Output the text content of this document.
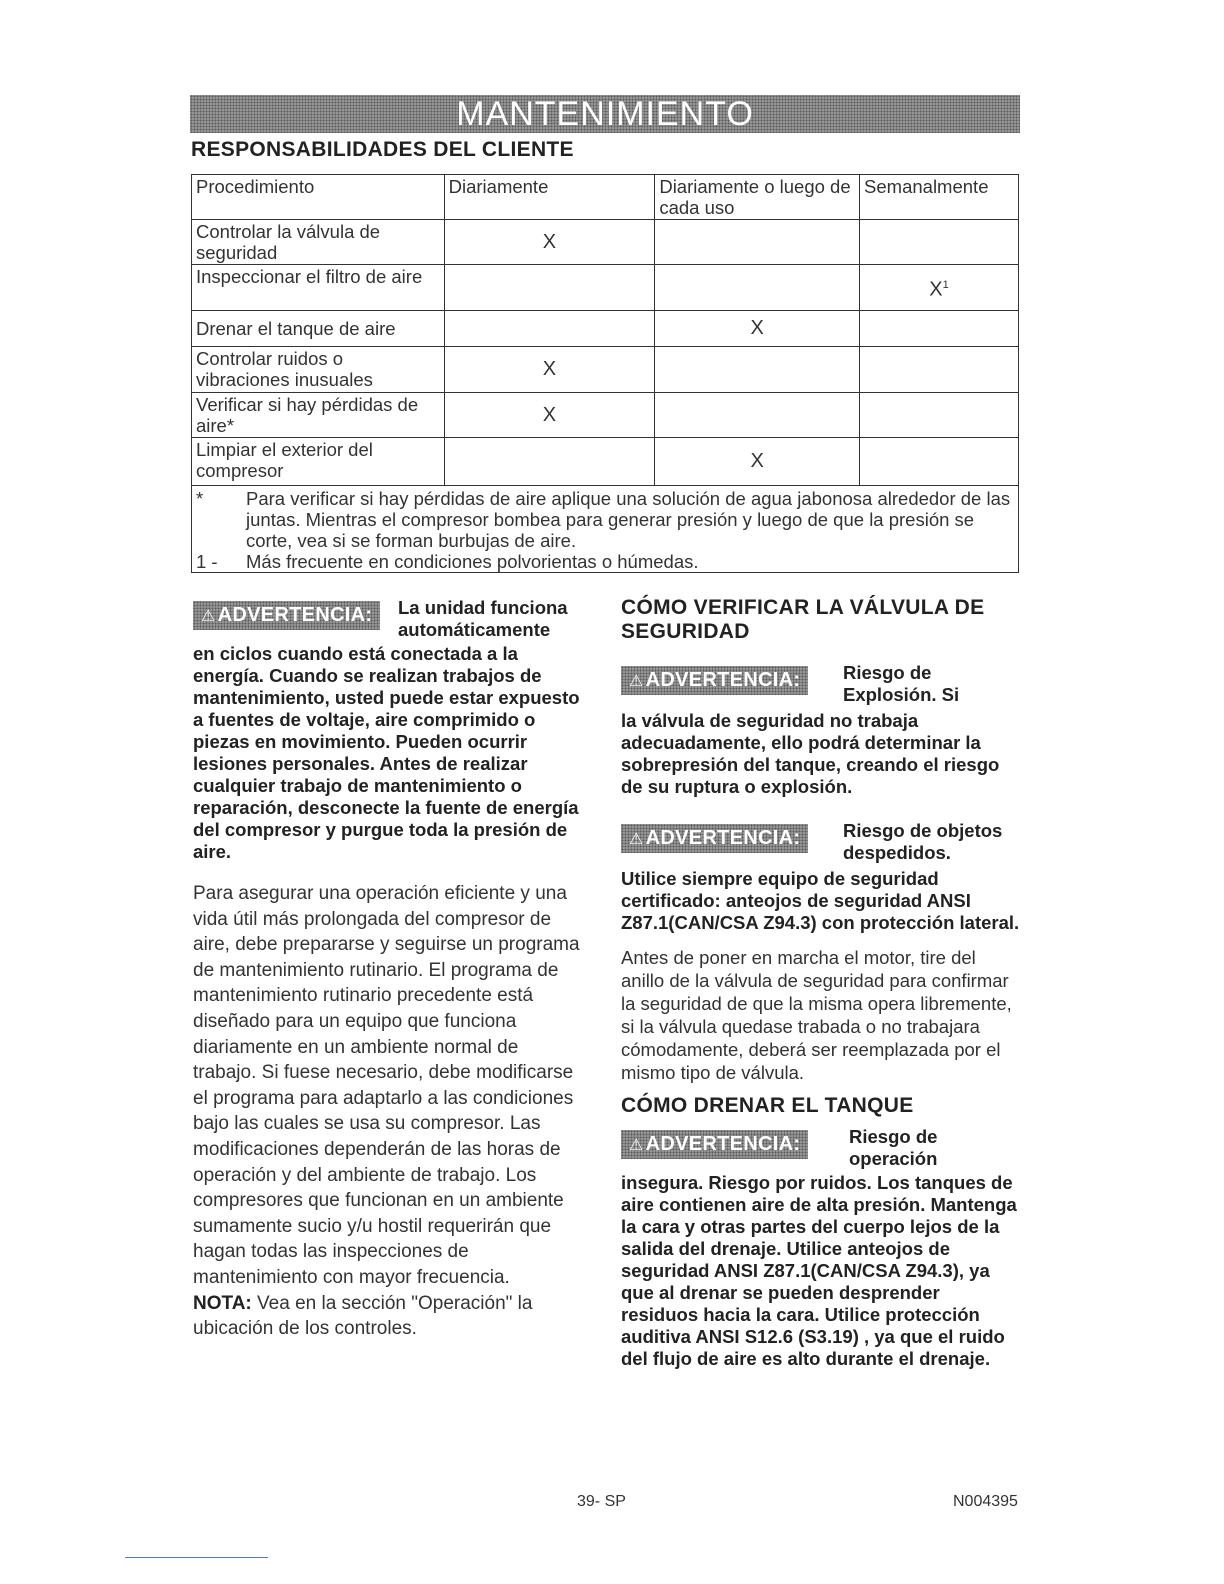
MANTENIMIENTO
RESPONSABILIDADES DEL CLIENTE
Procedimiento	Diariamente	Diariamente o luego de cada uso	Semanalmente
Controlar la válvula de seguridad	X		
Inspeccionar el filtro de aire			$X^1$
Drenar el tanque de aire		X	
Controlar ruidos o vibraciones inusuales	X		
Verificar si hay pérdidas de aire*	X		
Limpiar el exterior del compresor		X	

* Para verificar si hay pérdidas de aire aplique una solución de agua jabonosa alrededor de las juntas. Mientras el compresor bombea para generar presión y luego de que la presión se corte, vea si se forman burbujas de aire.
1 - Más frecuente en condiciones polvorientas o húmedas.			
⚠ ADVERTENCIA:	La unidad funciona automáticamente
en ciclos cuando está conectada a la energía. Cuando se realizan trabajos de mantenimiento, usted puede estar expuesto a fuentes de voltaje, aire comprimido o piezas en movimiento. Pueden ocurrir lesiones personales. Antes de realizar cualquier trabajo de mantenimiento o reparación, desconecte la fuente de energía del compresor y purgue toda la presión de aire.
Para asegurar una operación eficiente y una vida útil más prolongada del compresor de aire, debe prepararse y seguirse un programa de mantenimiento rutinario. El programa de mantenimiento rutinario precedente está diseñado para un equipo que funciona diariamente en un ambiente normal de trabajo. Si fuese necesario, debe modificarse el programa para adaptarlo a las condiciones bajo las cuales se usa su compresor. Las modificaciones dependerán de las horas de operación y del ambiente de trabajo. Los compresores que funcionan en un ambiente sumamente sucio y/u hostil requerirán que hagan todas las inspecciones de mantenimiento con mayor frecuencia.
NOTA: Vea en la sección "Operación" la ubicación de los controles.
CÓMO VERIFICAR LA VÁLVULA DE SEGURIDAD
⚠ ADVERTENCIA:	Riesgo de Explosión. Si
la válvula de seguridad no trabaja adecuadamente, ello podrá determinar la sobrepresión del tanque, creando el riesgo de su ruptura o explosión.
⚠ ADVERTENCIA:	Riesgo de objetos despedidos.
Utilice siempre equipo de seguridad certificado: anteojos de seguridad ANSI Z87.1(CAN/CSA Z94.3) con protección lateral.
Antes de poner en marcha el motor, tire del anillo de la válvula de seguridad para confirmar la seguridad de que la misma opera libremente, si la válvula quedase trabada o no trabajara cómodamente, deberá ser reemplazada por el mismo tipo de válvula.
CÓMO DRENAR EL TANQUE
⚠ ADVERTENCIA:	Riesgo de operación
insegura. Riesgo por ruidos. Los tanques de aire contienen aire de alta presión. Mantenga la cara y otras partes del cuerpo lejos de la salida del drenaje. Utilice anteojos de seguridad ANSI Z87.1(CAN/CSA Z94.3), ya que al drenar se pueden desprender residuos hacia la cara. Utilice protección auditiva ANSI S12.6 (S3.19) , ya que el ruido del flujo de aire es alto durante el drenaje.
39- SP	N004395
